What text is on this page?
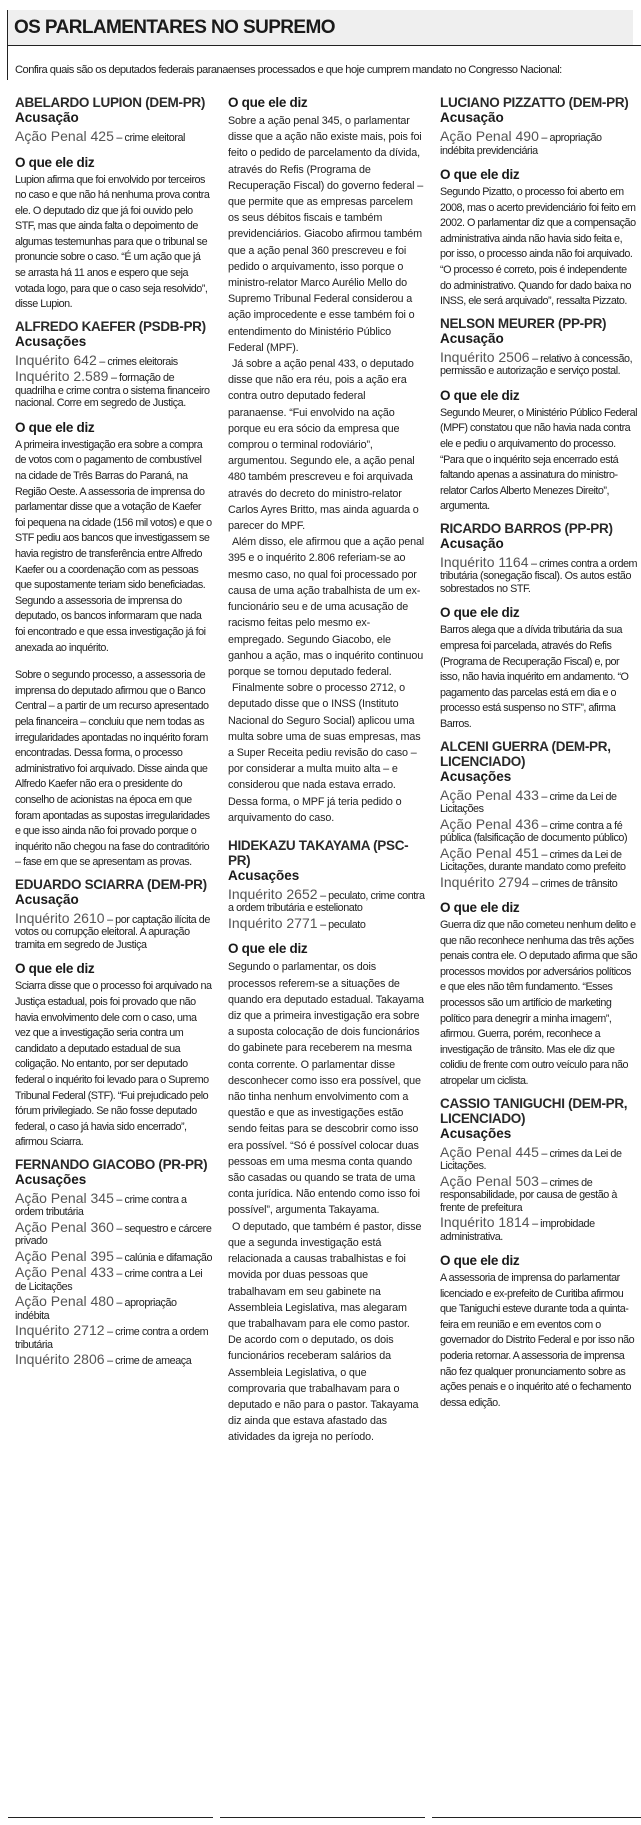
OS PARLAMENTARES NO SUPREMO
Confira quais são os deputados federais paranaenses processados e que hoje cumprem mandato no Congresso Nacional:
ABELARDO LUPION (DEM-PR)
Acusação
Ação Penal 425 – crime eleitoral
O que ele diz

Lupion afirma que foi envolvido por terceiros no caso e que não há nenhuma prova contra ele. O deputado diz que já foi ouvido pelo STF, mas que ainda falta o depoimento de algumas testemunhas para que o tribunal se pronuncie sobre o caso. “É um ação que já se arrasta há 11 anos e espero que seja votada logo, para que o caso seja resolvido”, disse Lupion.

ALFREDO KAEFER (PSDB-PR)
Acusações
Inquérito 642 – crimes eleitorais
Inquérito 2.589 – formação de quadrilha e crime contra o sistema financeiro nacional. Corre em segredo de Justiça.
O que ele diz

A primeira investigação era sobre a compra de votos com o pagamento de combustível na cidade de Três Barras do Paraná, na Região Oeste. A assessoria de imprensa do parlamentar disse que a votação de Kaefer foi pequena na cidade (156 mil votos) e que o STF pediu aos bancos que investigassem se havia registro de transferência entre Alfredo Kaefer ou a coordenação com as pessoas que supostamente teriam sido beneficiadas. Segundo a assessoria de imprensa do deputado, os bancos informaram que nada foi encontrado e que essa investigação já foi anexada ao inquérito.

Sobre o segundo processo, a assessoria de imprensa do deputado afirmou que o Banco Central – a partir de um recurso apresentado pela financeira – concluiu que nem todas as irregularidades apontadas no inquérito foram encontradas. Dessa forma, o processo administrativo foi arquivado. Disse ainda que Alfredo Kaefer não era o presidente do conselho de acionistas na época em que foram apontadas as supostas irregularidades e que isso ainda não foi provado porque o inquérito não chegou na fase do contraditório – fase em que se apresentam as provas.

EDUARDO SCIARRA (DEM-PR)
Acusação
Inquérito 2610 – por captação ilícita de votos ou corrupção eleitoral. A apuração tramita em segredo de Justiça
O que ele diz

Sciarra disse que o processo foi arquivado na Justiça estadual, pois foi provado que não havia envolvimento dele com o caso, uma vez que a investigação seria contra um candidato a deputado estadual de sua coligação. No entanto, por ser deputado federal o inquérito foi levado para o Supremo Tribunal Federal (STF). “Fui prejudicado pelo fórum privilegiado. Se não fosse deputado federal, o caso já havia sido encerrado”, afirmou Sciarra.

FERNANDO GIACOBO (PR-PR)
Acusações
Ação Penal 345 – crime contra a ordem tributária
Ação Penal 360 – sequestro e cárcere privado
Ação Penal 395 – calúnia e difamação
Ação Penal 433 – crime contra a Lei de Licitações
Ação Penal 480 – apropriação indébita
Inquérito 2712 – crime contra a ordem tributária
Inquérito 2806 – crime de ameaça
O que ele diz

Sobre a ação penal 345, o parlamentar disse que a ação não existe mais, pois foi feito o pedido de parcelamento da dívida, através do Refis (Programa de Recuperação Fiscal) do governo federal – que permite que as empresas parcelem os seus débitos fiscais e também previdenciários. Giacobo afirmou também que a ação penal 360 prescreveu e foi pedido o arquivamento, isso porque o ministro-relator Marco Aurélio Mello do Supremo Tribunal Federal considerou a ação improcedente e esse também foi o entendimento do Ministério Público Federal (MPF).

Já sobre a ação penal 433, o deputado disse que não era réu, pois a ação era contra outro deputado federal paranaense. “Fui envolvido na ação porque eu era sócio da empresa que comprou o terminal rodoviário”, argumentou. Segundo ele, a ação penal 480 também prescreveu e foi arquivada através do decreto do ministro-relator Carlos Ayres Britto, mas ainda aguarda o parecer do MPF.

Além disso, ele afirmou que a ação penal 395 e o inquérito 2.806 referiam-se ao mesmo caso, no qual foi processado por causa de uma ação trabalhista de um ex-funcionário seu e de uma acusação de racismo feitas pelo mesmo ex-empregado. Segundo Giacobo, ele ganhou a ação, mas o inquérito continuou porque se tornou deputado federal.

Finalmente sobre o processo 2712, o deputado disse que o INSS (Instituto Nacional do Seguro Social) aplicou uma multa sobre uma de suas empresas, mas a Super Receita pediu revisão do caso – por considerar a multa muito alta – e considerou que nada estava errado. Dessa forma, o MPF já teria pedido o arquivamento do caso.

HIDEKAZU TAKAYAMA (PSC-PR)
Acusações
Inquérito 2652 – peculato, crime contra a ordem tributária e estelionato
Inquérito 2771 – peculato
O que ele diz

Segundo o parlamentar, os dois processos referem-se a situações de quando era deputado estadual. Takayama diz que a primeira investigação era sobre a suposta colocação de dois funcionários do gabinete para receberem na mesma conta corrente. O parlamentar disse desconhecer como isso era possível, que não tinha nenhum envolvimento com a questão e que as investigações estão sendo feitas para se descobrir como isso era possível. “Só é possível colocar duas pessoas em uma mesma conta quando são casadas ou quando se trata de uma conta jurídica. Não entendo como isso foi possível”, argumenta Takayama.

O deputado, que também é pastor, disse que a segunda investigação está relacionada a causas trabalhistas e foi movida por duas pessoas que trabalhavam em seu gabinete na Assembleia Legislativa, mas alegaram que trabalhavam para ele como pastor. De acordo com o deputado, os dois funcionários receberam salários da Assembleia Legislativa, o que comprovaria que trabalhavam para o deputado e não para o pastor. Takayama diz ainda que estava afastado das atividades da igreja no período.

LUCIANO PIZZATTO (DEM-PR)
Acusação
Ação Penal 490 – apropriação indébita previdenciária
O que ele diz

Segundo Pizatto, o processo foi aberto em 2008, mas o acerto previdenciário foi feito em 2002. O parlamentar diz que a compensação administrativa ainda não havia sido feita e, por isso, o processo ainda não foi arquivado. “O processo é correto, pois é independente do administrativo. Quando for dado baixa no INSS, ele será arquivado”, ressalta Pizzato.

NELSON MEURER (PP-PR)
Acusação
Inquérito 2506 – relativo à concessão, permissão e autorização e serviço postal.
O que ele diz

Segundo Meurer, o Ministério Público Federal (MPF) constatou que não havia nada contra ele e pediu o arquivamento do processo. “Para que o inquérito seja encerrado está faltando apenas a assinatura do ministro-relator Carlos Alberto Menezes Direito”, argumenta.

RICARDO BARROS (PP-PR)
Acusação
Inquérito 1164 – crimes contra a ordem tributária (sonegação fiscal). Os autos estão sobrestados no STF.
O que ele diz

Barros alega que a dívida tributária da sua empresa foi parcelada, através do Refis (Programa de Recuperação Fiscal) e, por isso, não havia inquérito em andamento. “O pagamento das parcelas está em dia e o processo está suspenso no STF”, afirma Barros.

ALCENI GUERRA (DEM-PR, LICENCIADO)
Acusações
Ação Penal 433 – crime da Lei de Licitações
Ação Penal 436 – crime contra a fé pública (falsificação de documento público)
Ação Penal 451 – crimes da Lei de Licitações, durante mandato como prefeito
Inquérito 2794 – crimes de trânsito
O que ele diz

Guerra diz que não cometeu nenhum delito e que não reconhece nenhuma das três ações penais contra ele. O deputado afirma que são processos movidos por adversários políticos e que eles não têm fundamento. “Esses processos são um artifício de marketing político para denegrir a minha imagem”, afirmou. Guerra, porém, reconhece a investigação de trânsito. Mas ele diz que colidiu de frente com outro veículo para não atropelar um ciclista.

CASSIO TANIGUCHI (DEM-PR, LICENCIADO)
Acusações
Ação Penal 445 – crimes da Lei de Licitações.
Ação Penal 503 – crimes de responsabilidade, por causa de gestão à frente de prefeitura
Inquérito 1814 – improbidade administrativa.
O que ele diz

A assessoria de imprensa do parlamentar licenciado e ex-prefeito de Curitiba afirmou que Taniguchi esteve durante toda a quinta-feira em reunião e em eventos com o governador do Distrito Federal e por isso não poderia retornar. A assessoria de imprensa não fez qualquer pronunciamento sobre as ações penais e o inquérito até o fechamento dessa edição.
